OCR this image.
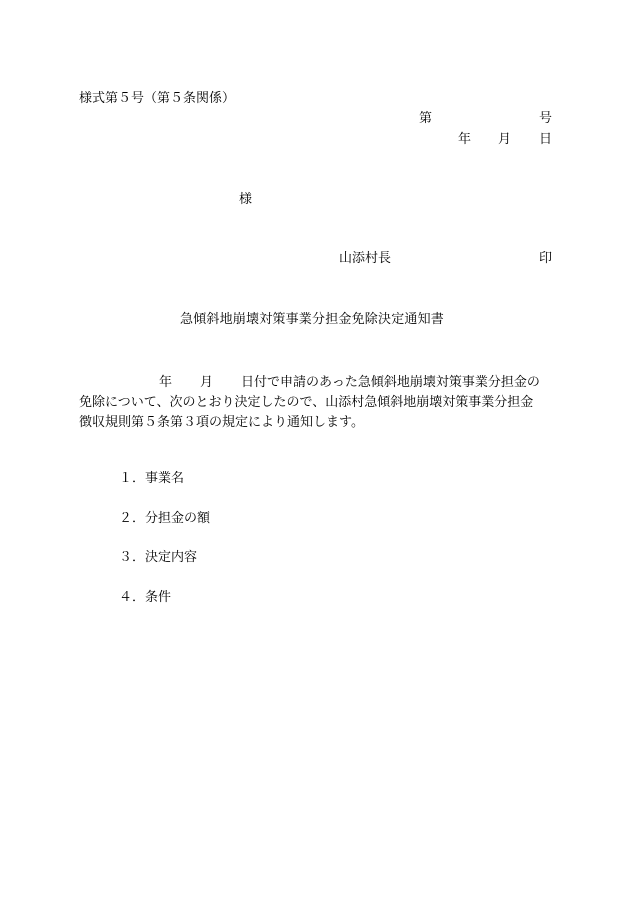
様式第５号（第５条関係）
第	号
年 月 日
様
山添村長	印
急傾斜地崩壊対策事業分担金免除決定通知書
年 月 日付で申請のあった急傾斜地崩壊対策事業分担金の
免除について、次のとおり決定したので、山添村急傾斜地崩壊対策事業分担金
徴収規則第５条第３項の規定により通知します。
１．事業名
２．分担金の額
３．決定内容
４．条件
